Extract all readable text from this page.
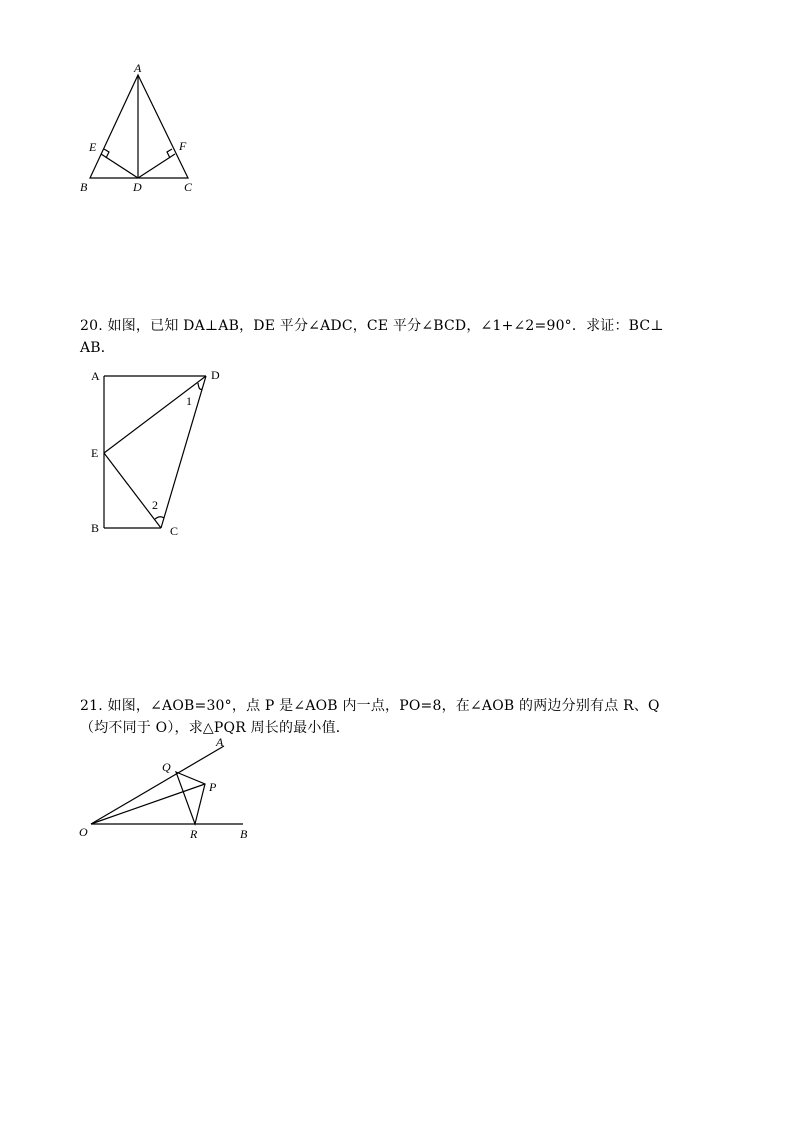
A
E	F
B	D	C
20. 如图，已知 DA⊥AB，DE 平分∠ADC，CE 平分∠BCD，∠1+∠2=90°．求证：BC⊥
AB．
A	D
E
B	C
1
2
21. 如图，∠AOB=30°，点 P 是∠AOB 内一点，PO=8，在∠AOB 的两边分别有点 R、Q
（均不同于 O），求△PQR 周长的最小值．
A
Q
P
O	R	B
